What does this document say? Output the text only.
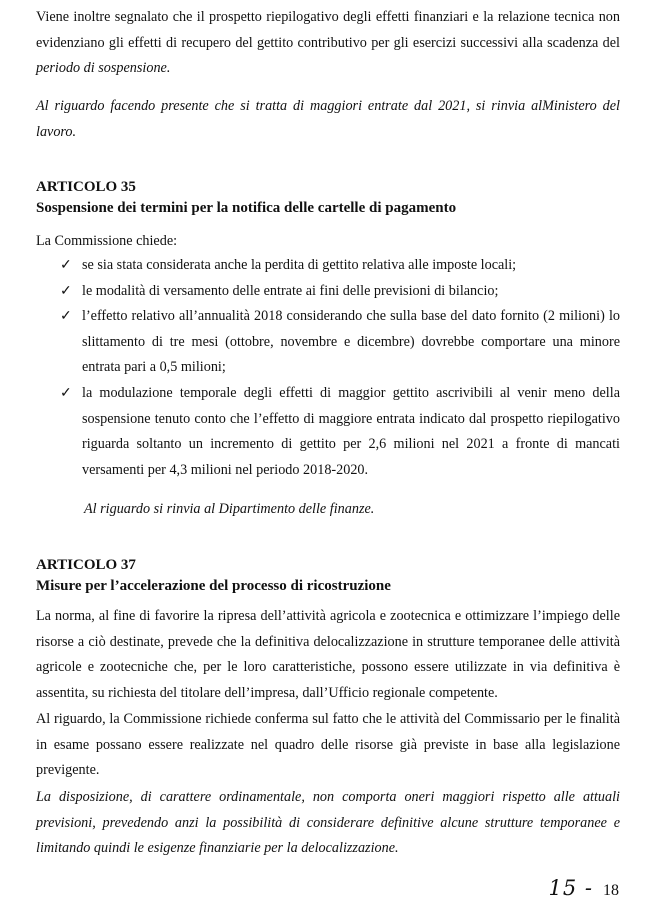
Viene inoltre segnalato che il prospetto riepilogativo degli effetti finanziari e la relazione tecnica non evidenziano gli effetti di recupero del gettito contributivo per gli esercizi successivi alla scadenza del periodo di sospensione.

Al riguardo facendo presente che si tratta di maggiori entrate dal 2021, si rinvia alMinistero del lavoro.

ARTICOLO 35
Sospensione dei termini per la notifica delle cartelle di pagamento
La Commissione chiede:
✓ se sia stata considerata anche la perdita di gettito relativa alle imposte locali;
✓ le modalità di versamento delle entrate ai fini delle previsioni di bilancio;
✓ l’effetto relativo all’annualità 2018 considerando che sulla base del dato fornito (2 milioni) lo slittamento di tre mesi (ottobre, novembre e dicembre) dovrebbe comportare una minore entrata pari a 0,5 milioni;
✓ la modulazione temporale degli effetti di maggior gettito ascrivibili al venir meno della sospensione tenuto conto che l’effetto di maggiore entrata indicato dal prospetto riepilogativo riguarda soltanto un incremento di gettito per 2,6 milioni nel 2021 a fronte di mancati versamenti per 4,3 milioni nel periodo 2018-2020.

Al riguardo si rinvia al Dipartimento delle finanze.

ARTICOLO 37
Misure per l’accelerazione del processo di ricostruzione

La norma, al fine di favorire la ripresa dell’attività agricola e zootecnica e ottimizzare l’impiego delle risorse a ciò destinate, prevede che la definitiva delocalizzazione in strutture temporanee delle attività agricole e zootecniche che, per le loro caratteristiche, possono essere utilizzate in via definitiva è assentita, su richiesta del titolare dell’impresa, dall’Ufficio regionale competente.

Al riguardo, la Commissione richiede conferma sul fatto che le attività del Commissario per le finalità in esame possano essere realizzate nel quadro delle risorse già previste in base alla legislazione previgente.

La disposizione, di carattere ordinamentale, non comporta oneri maggiori rispetto alle attuali previsioni, prevedendo anzi la possibilità di considerare definitive alcune strutture temporanee e limitando quindi le esigenze finanziarie per la delocalizzazione.

15 - 18
